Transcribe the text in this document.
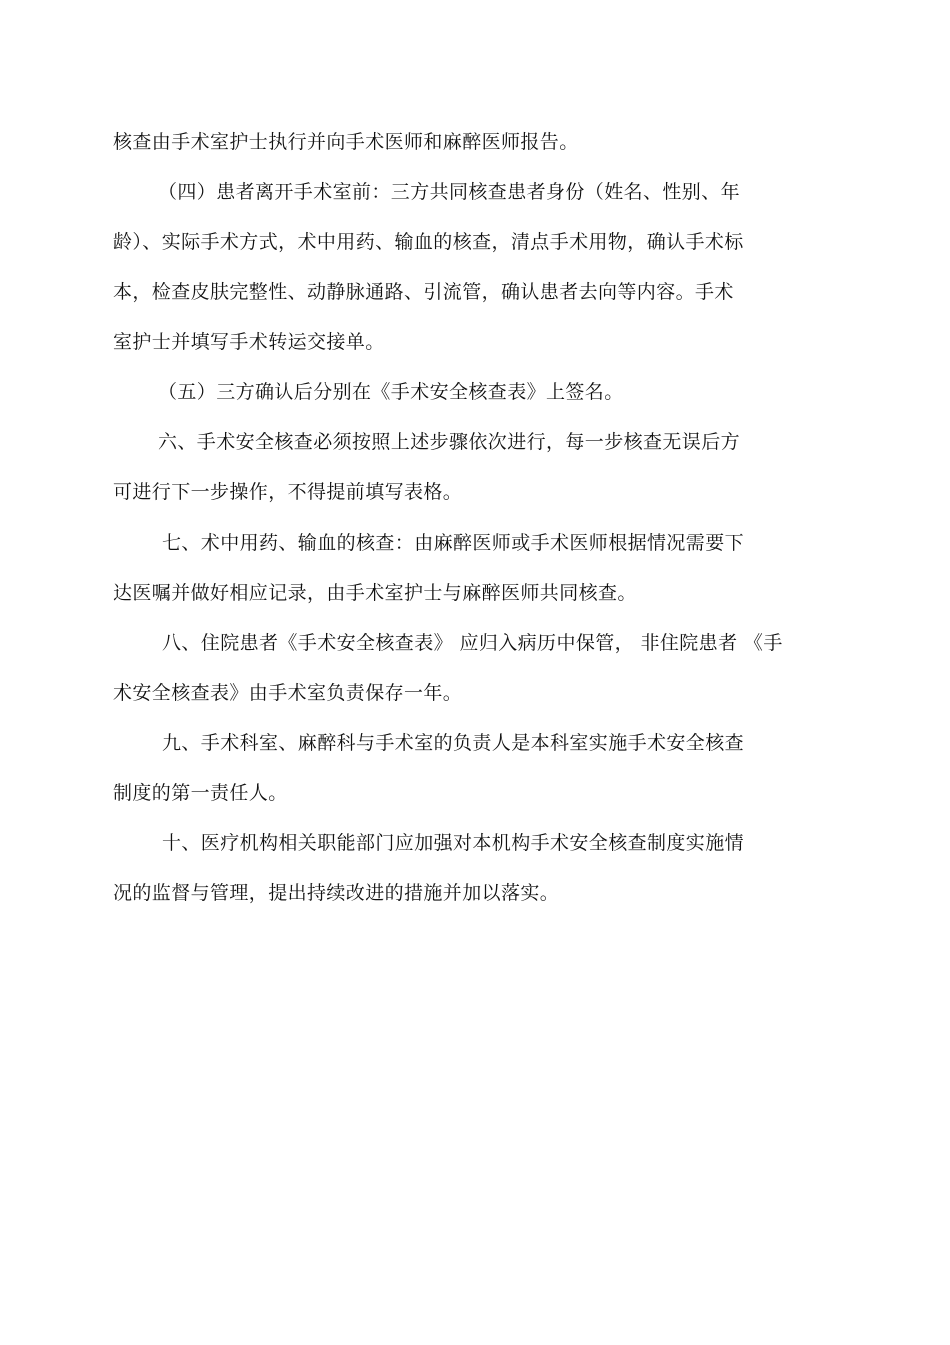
核查由手术室护士执行并向手术医师和麻醉医师报告。
（四）患者离开手术室前：三方共同核查患者身份（姓名、性别、年
龄）、实际手术方式，术中用药、输血的核查，清点手术用物，确认手术标
本，检查皮肤完整性、动静脉通路、引流管，确认患者去向等内容。手术
室护士并填写手术转运交接单。
（五）三方确认后分别在《手术安全核查表》上签名。
六、手术安全核查必须按照上述步骤依次进行，每一步核查无误后方
可进行下一步操作，不得提前填写表格。
七、术中用药、输血的核查：由麻醉医师或手术医师根据情况需要下
达医嘱并做好相应记录，由手术室护士与麻醉医师共同核查。
八、住院患者《手术安全核查表》 应归入病历中保管， 非住院患者 《手
术安全核查表》由手术室负责保存一年。
九、手术科室、麻醉科与手术室的负责人是本科室实施手术安全核查
制度的第一责任人。
十、医疗机构相关职能部门应加强对本机构手术安全核查制度实施情
况的监督与管理，提出持续改进的措施并加以落实。
